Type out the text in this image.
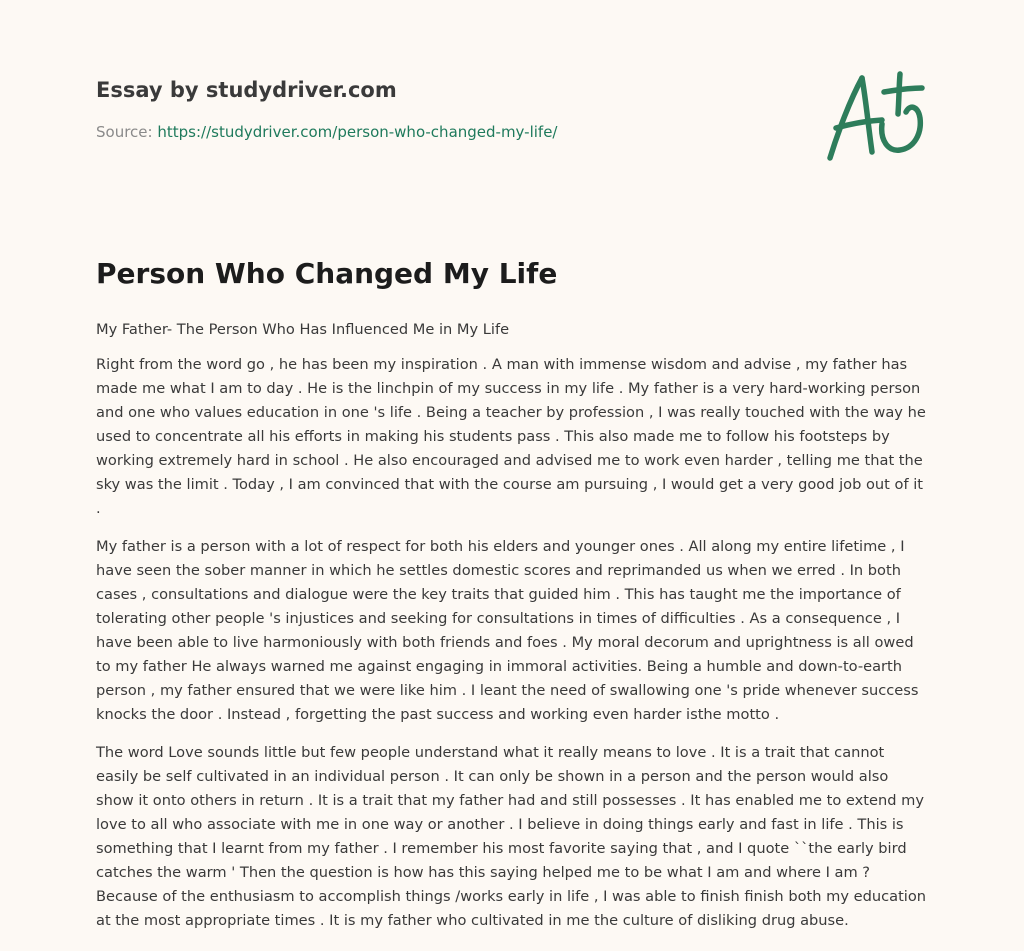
Essay by studydriver.com
Source: https://studydriver.com/person-who-changed-my-life/
Person Who Changed My Life

My Father- The Person Who Has Influenced Me in My Life

Right from the word go , he has been my inspiration . A man with immense wisdom and advise , my father has made me what I am to day . He is the linchpin of my success in my life . My father is a very hard-working person and one who values education in one 's life . Being a teacher by profession , I was really touched with the way he used to concentrate all his efforts in making his students pass . This also made me to follow his footsteps by working extremely hard in school . He also encouraged and advised me to work even harder , telling me that the sky was the limit . Today , I am convinced that with the course am pursuing , I would get a very good job out of it .

My father is a person with a lot of respect for both his elders and younger ones . All along my entire lifetime , I have seen the sober manner in which he settles domestic scores and reprimanded us when we erred . In both cases , consultations and dialogue were the key traits that guided him . This has taught me the importance of tolerating other people 's injustices and seeking for consultations in times of difficulties . As a consequence , I have been able to live harmoniously with both friends and foes . My moral decorum and uprightness is all owed to my father He always warned me against engaging in immoral activities. Being a humble and down-to-earth person , my father ensured that we were like him . I leant the need of swallowing one 's pride whenever success knocks the door . Instead , forgetting the past success and working even harder isthe motto .

The word Love sounds little but few people understand what it really means to love . It is a trait that cannot easily be self cultivated in an individual person . It can only be shown in a person and the person would also show it onto others in return . It is a trait that my father had and still possesses . It has enabled me to extend my love to all who associate with me in one way or another . I believe in doing things early and fast in life . This is something that I learnt from my father . I remember his most favorite saying that , and I quote ``the early bird catches the warm ' Then the question is how has this saying helped me to be what I am and where I am ? Because of the enthusiasm to accomplish things /works early in life , I was able to finish finish both my education at the most appropriate times . It is my father who cultivated in me the culture of disliking drug abuse.
